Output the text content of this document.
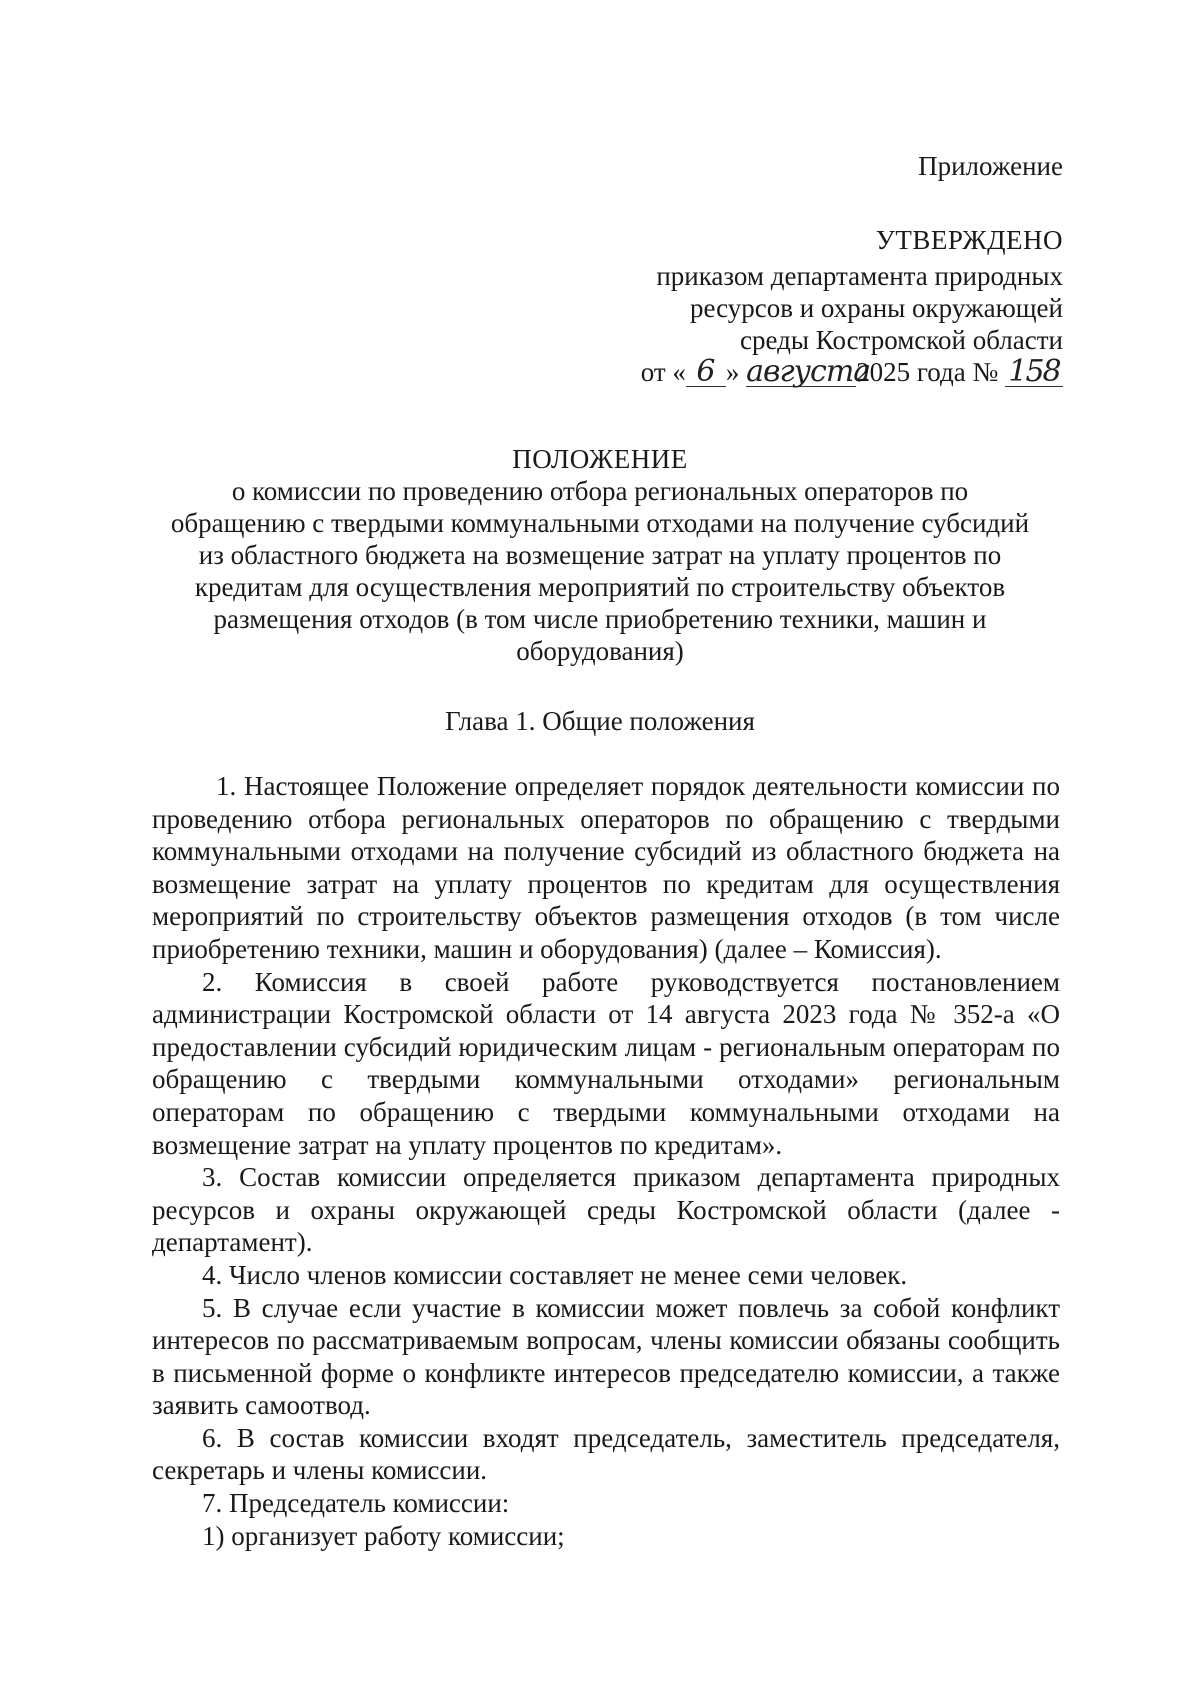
Приложение
УТВЕРЖДЕНО
приказом департамента природных
ресурсов и охраны окружающей
среды Костромской области
от « 6 » августа2025 года № 158
ПОЛОЖЕНИЕ
о комиссии по проведению отбора региональных операторов по
обращению с твердыми коммунальными отходами на получение субсидий
из областного бюджета на возмещение затрат на уплату процентов по
кредитам для осуществления мероприятий по строительству объектов
размещения отходов (в том числе приобретению техники, машин и
оборудования)
Глава 1. Общие положения

1. Настоящее Положение определяет порядок деятельности комиссии по проведению отбора региональных операторов по обращению с твердыми коммунальными отходами на получение субсидий из областного бюджета на возмещение затрат на уплату процентов по кредитам для осуществления мероприятий по строительству объектов размещения отходов (в том числе приобретению техники, машин и оборудования) (далее – Комиссия).

2. Комиссия в своей работе руководствуется постановлением администрации Костромской области от 14 августа 2023 года № 352-а «О предоставлении субсидий юридическим лицам - региональным операторам по обращению с твердыми коммунальными отходами» региональным операторам по обращению с твердыми коммунальными отходами на возмещение затрат на уплату процентов по кредитам».

3. Состав комиссии определяется приказом департамента природных ресурсов и охраны окружающей среды Костромской области (далее - департамент).

4. Число членов комиссии составляет не менее семи человек.

5. В случае если участие в комиссии может повлечь за собой конфликт интересов по рассматриваемым вопросам, члены комиссии обязаны сообщить в письменной форме о конфликте интересов председателю комиссии, а также заявить самоотвод.

6. В состав комиссии входят председатель, заместитель председателя, секретарь и члены комиссии.

7. Председатель комиссии:

1) организует работу комиссии;
